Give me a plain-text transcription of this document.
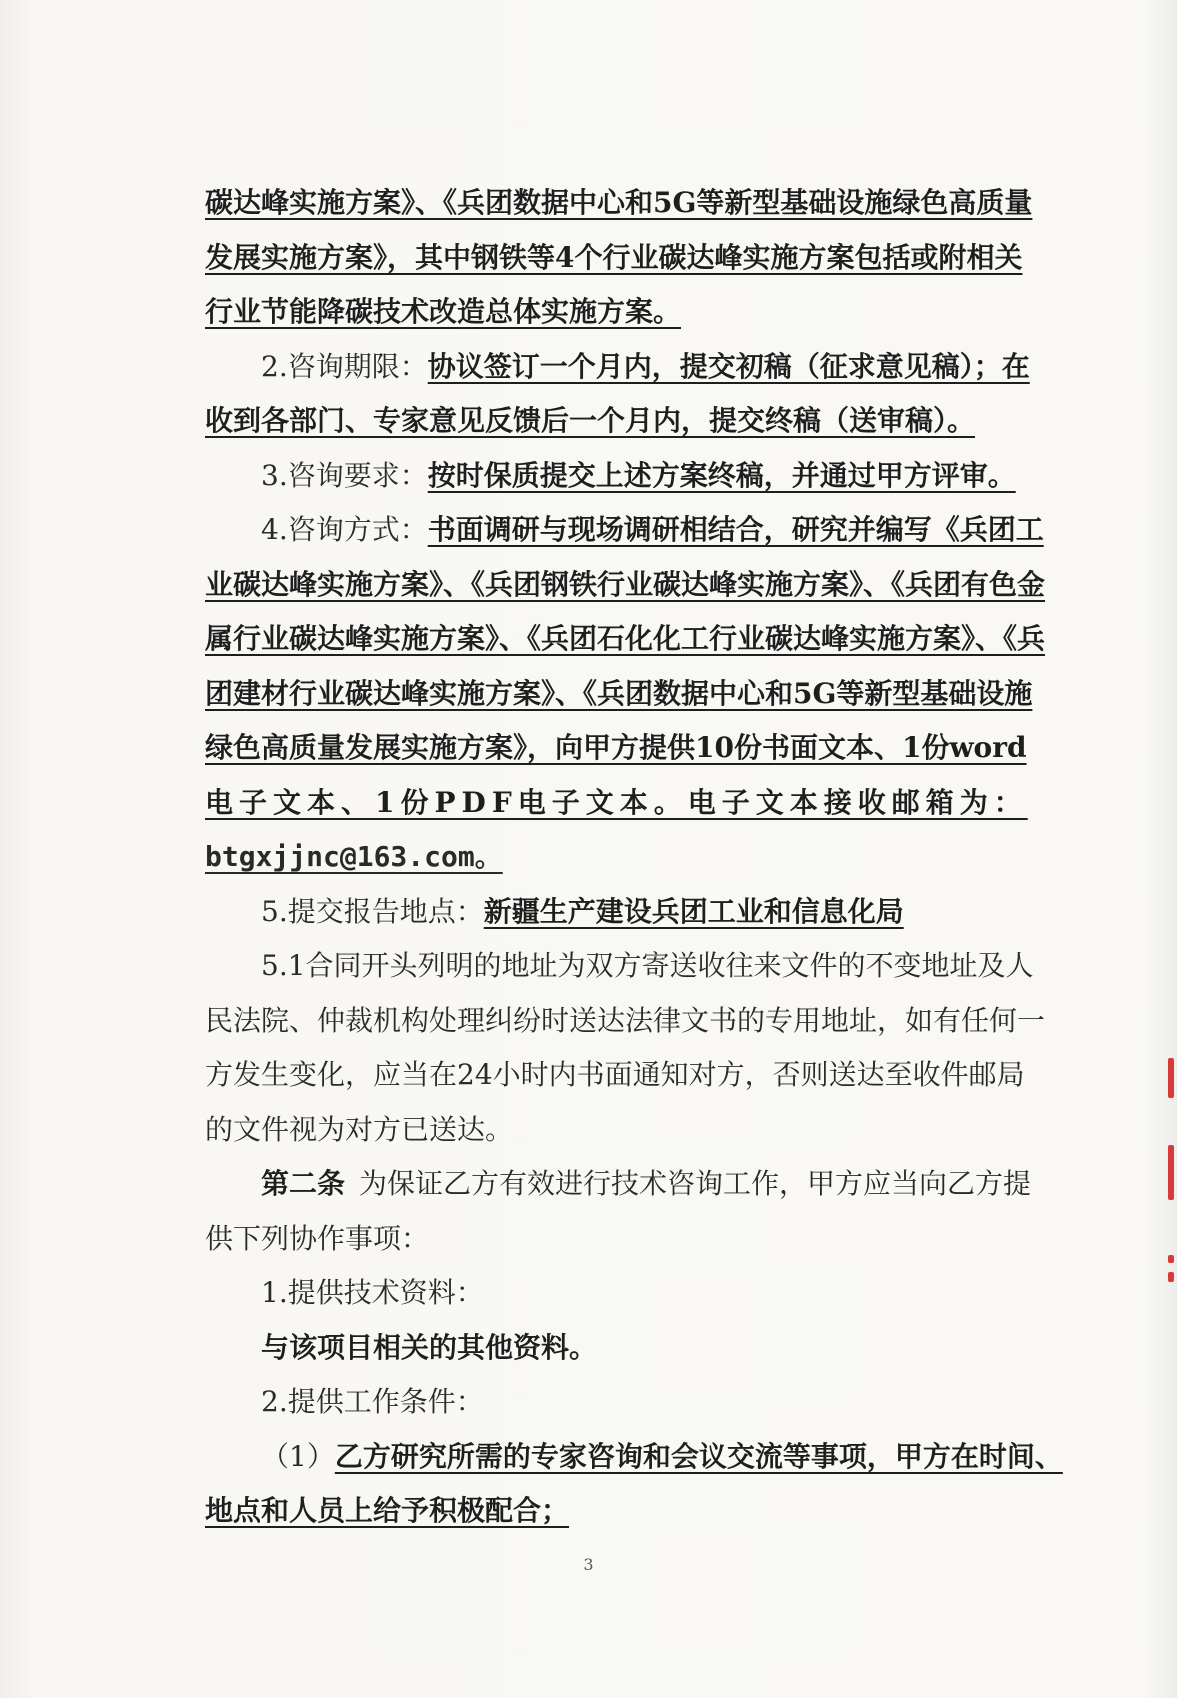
碳达峰实施方案》、《兵团数据中心和5G等新型基础设施绿色高质量
发展实施方案》，其中钢铁等4个行业碳达峰实施方案包括或附相关
行业节能降碳技术改造总体实施方案。
2.咨询期限：协议签订一个月内，提交初稿（征求意见稿）；在
收到各部门、专家意见反馈后一个月内，提交终稿（送审稿）。
3.咨询要求：按时保质提交上述方案终稿，并通过甲方评审。
4.咨询方式：书面调研与现场调研相结合，研究并编写《兵团工
业碳达峰实施方案》、《兵团钢铁行业碳达峰实施方案》、《兵团有色金
属行业碳达峰实施方案》、《兵团石化化工行业碳达峰实施方案》、《兵
团建材行业碳达峰实施方案》、《兵团数据中心和5G等新型基础设施
绿色高质量发展实施方案》，向甲方提供10份书面文本、1份word
电子文本、1份PDF电子文本。电子文本接收邮箱为：
btgxjjnc@163.com。
5.提交报告地点：新疆生产建设兵团工业和信息化局
5.1合同开头列明的地址为双方寄送收往来文件的不变地址及人
民法院、仲裁机构处理纠纷时送达法律文书的专用地址，如有任何一
方发生变化，应当在24小时内书面通知对方，否则送达至收件邮局
的文件视为对方已送达。
第二条 为保证乙方有效进行技术咨询工作，甲方应当向乙方提
供下列协作事项：
1.提供技术资料：
与该项目相关的其他资料。
2.提供工作条件：
（1）乙方研究所需的专家咨询和会议交流等事项，甲方在时间、
地点和人员上给予积极配合；
3
